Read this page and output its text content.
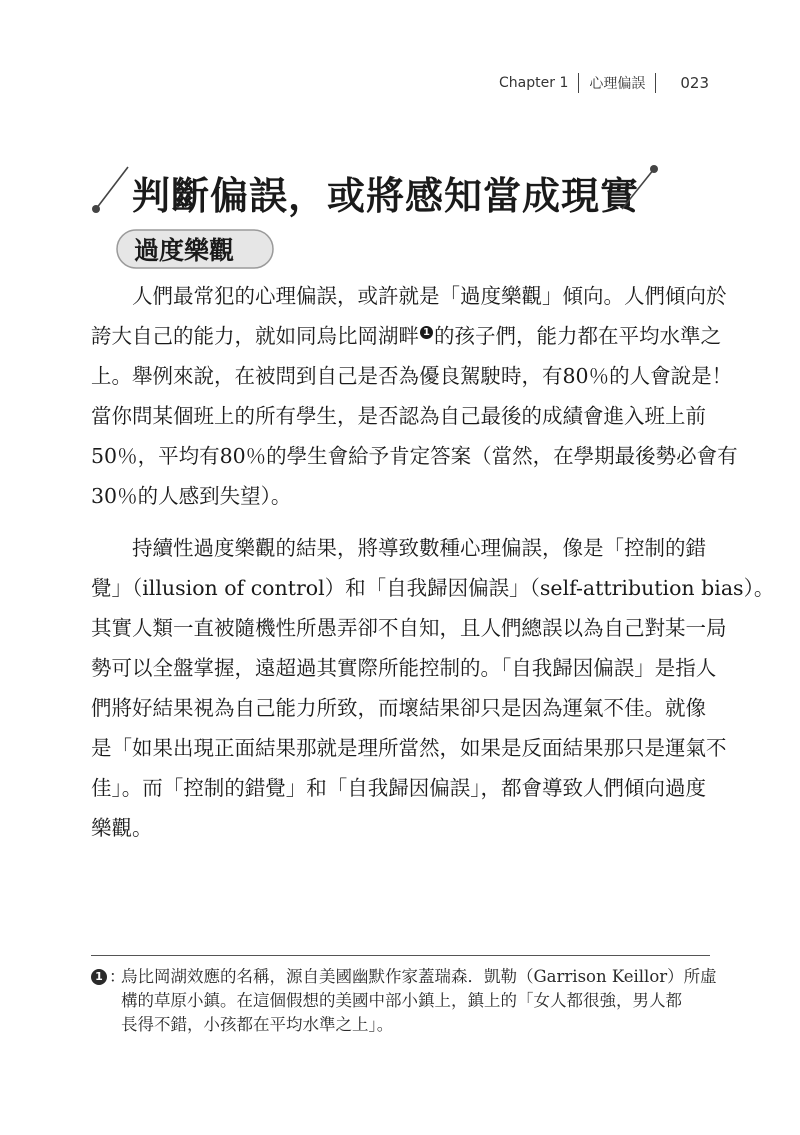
Chapter 1 心理偏誤 023
判斷偏誤，或將感知當成現實
過度樂觀

人們最常犯的心理偏誤，或許就是「過度樂觀」傾向。人們傾向於
誇大自己的能力，就如同烏比岡湖畔 1 的孩子們，能力都在平均水準之
上。舉例來說，在被問到自己是否為優良駕駛時，有80％的人會說是！
當你問某個班上的所有學生，是否認為自己最後的成績會進入班上前
50％，平均有80％的學生會給予肯定答案（當然，在學期最後勢必會有
30％的人感到失望）。

持續性過度樂觀的結果，將導致數種心理偏誤，像是「控制的錯
覺」（illusion of control）和「自我歸因偏誤」（self-attribution bias）。
其實人類一直被隨機性所愚弄卻不自知，且人們總誤以為自己對某一局
勢可以全盤掌握，遠超過其實際所能控制的。「自我歸因偏誤」是指人
們將好結果視為自己能力所致，而壞結果卻只是因為運氣不佳。就像
是「如果出現正面結果那就是理所當然，如果是反面結果那只是運氣不
佳」。而「控制的錯覺」和「自我歸因偏誤」，都會導致人們傾向過度
樂觀。

1 ：
烏比岡湖效應的名稱，源自美國幽默作家蓋瑞森．凱勒（Garrison Keillor）所虛
構的草原小鎮。在這個假想的美國中部小鎮上，鎮上的「女人都很強，男人都
長得不錯，小孩都在平均水準之上」。
